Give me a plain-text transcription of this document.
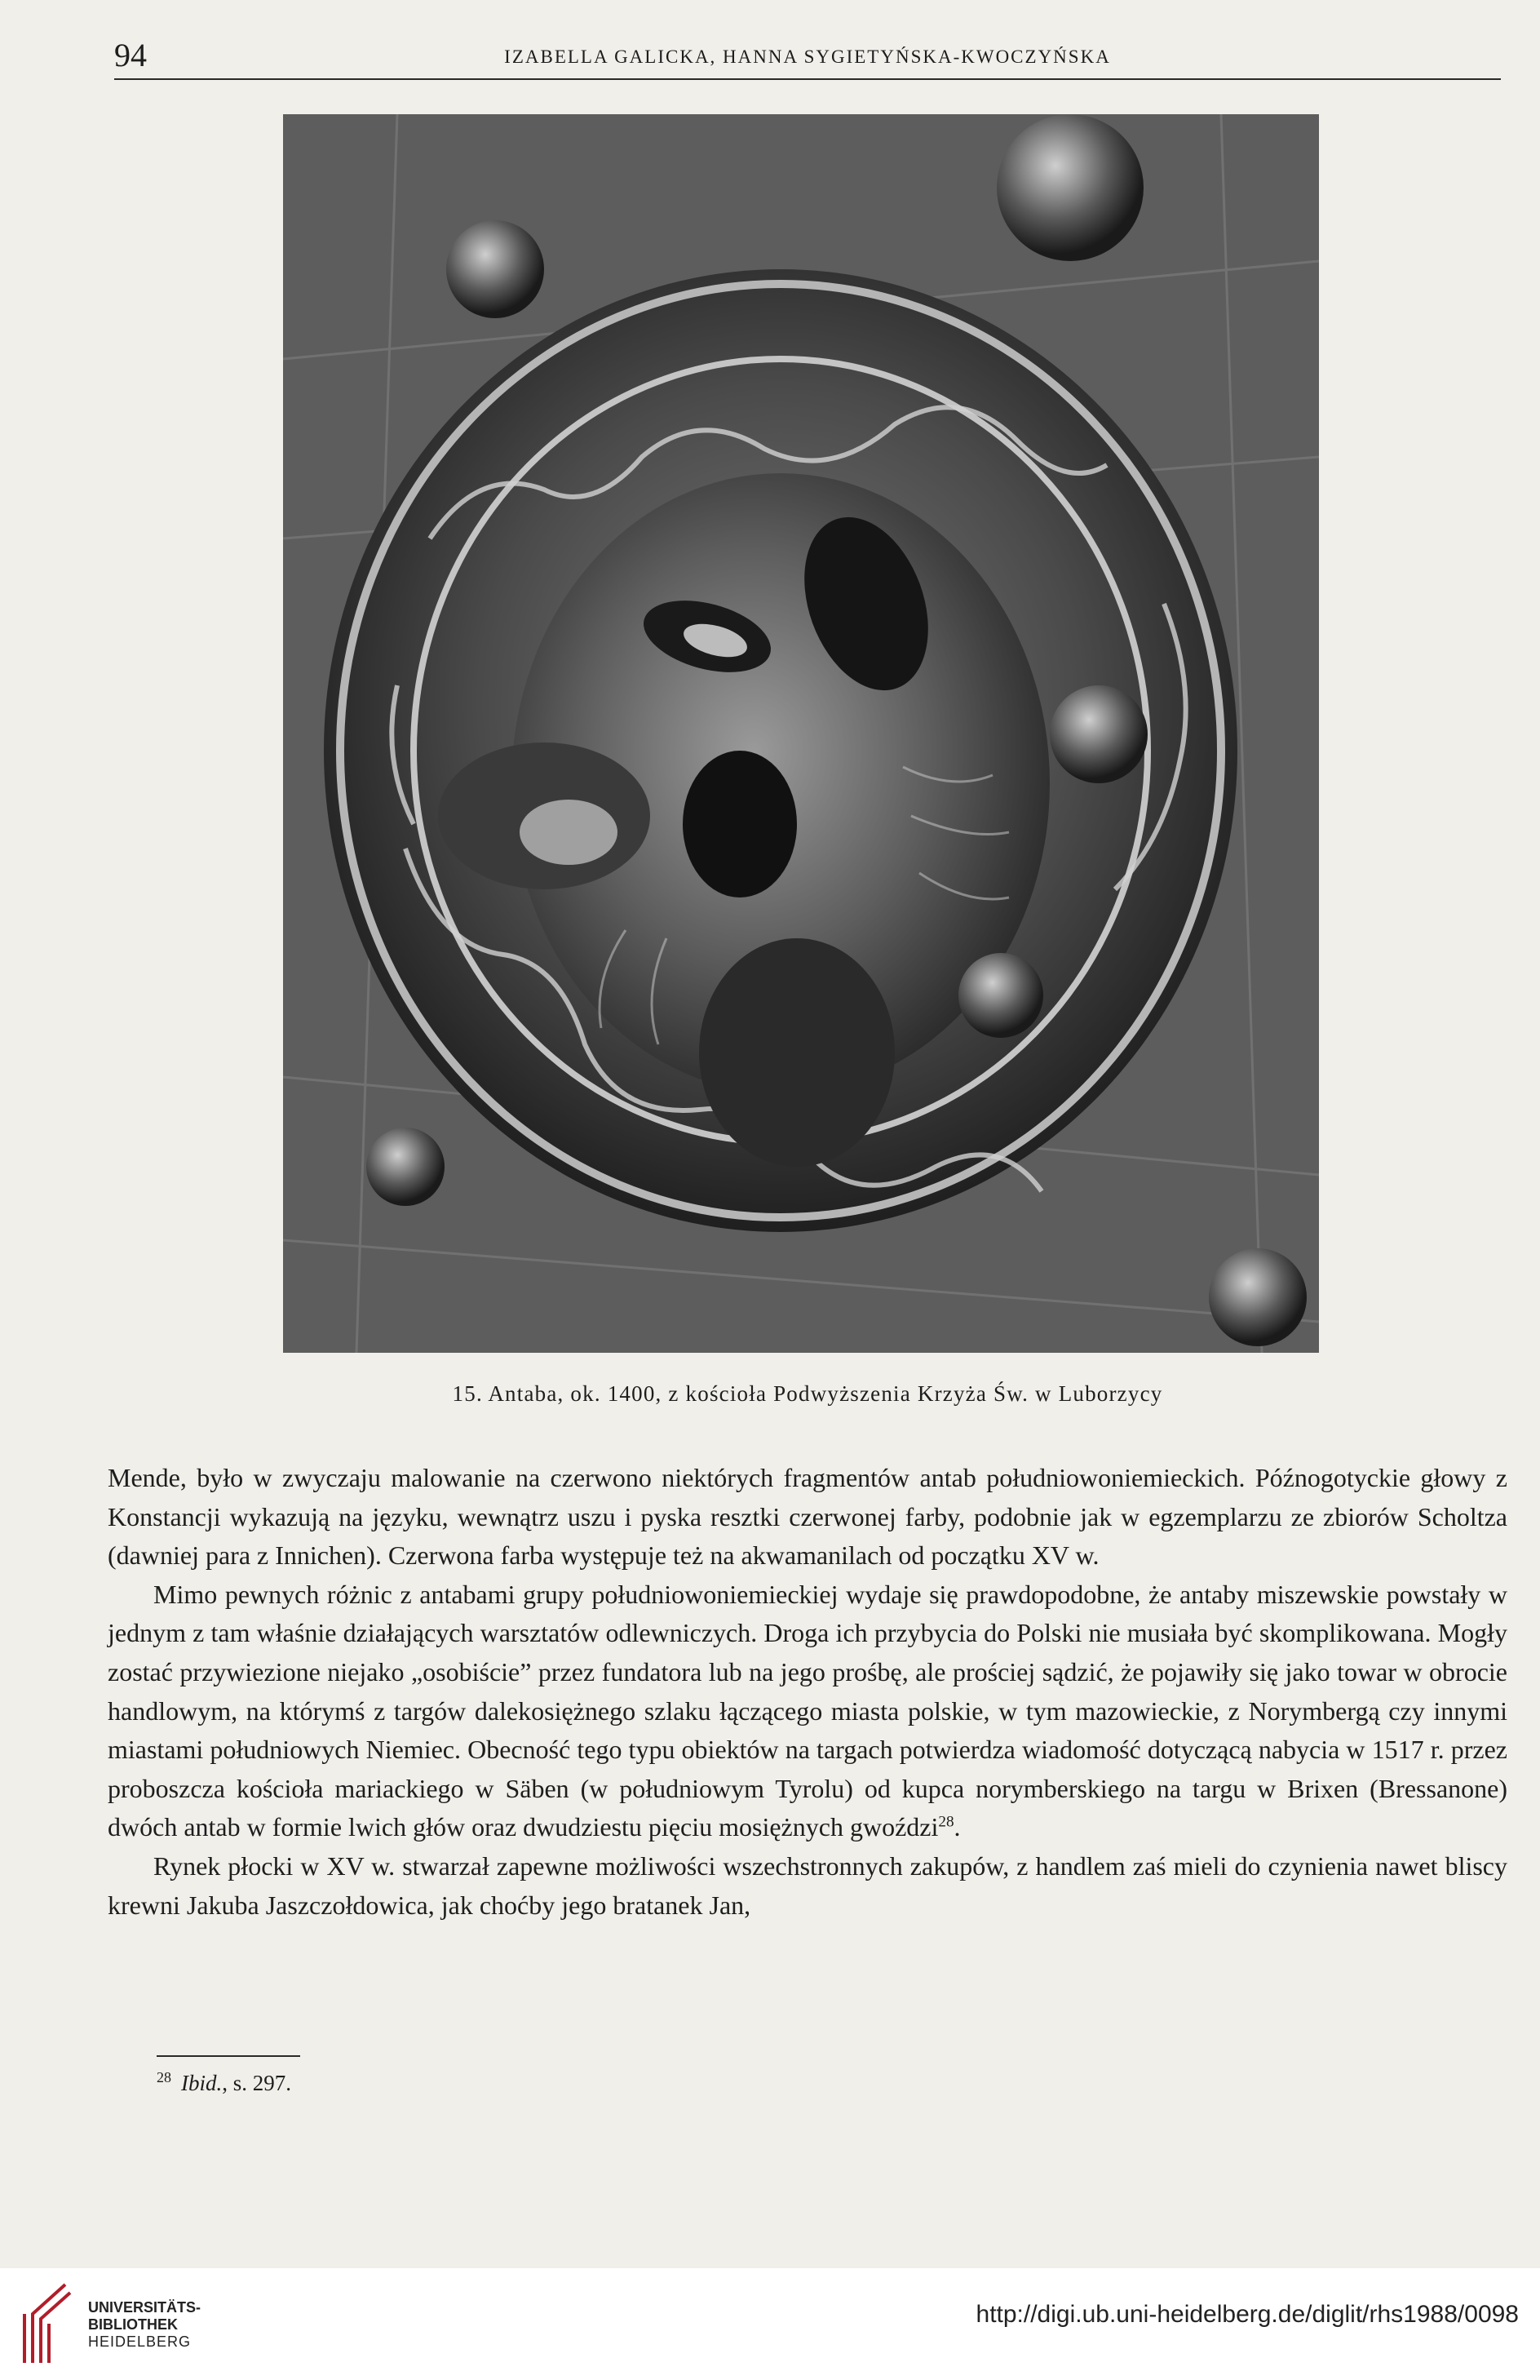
94	IZABELLA GALICKA, HANNA SYGIETYŃSKA-KWOCZYŃSKA
15. Antaba, ok. 1400, z kościoła Podwyższenia Krzyża Św. w Luborzycy

Mende, było w zwyczaju malowanie na czerwono niektórych fragmentów antab południowoniemieckich. Późnogotyckie głowy z Konstancji wykazują na języku, wewnątrz uszu i pyska resztki czerwonej farby, podobnie jak w egzemplarzu ze zbiorów Scholtza (dawniej para z Innichen). Czerwona farba występuje też na akwamanilach od początku XV w.

Mimo pewnych różnic z antabami grupy południowoniemieckiej wydaje się prawdopodobne, że antaby miszewskie powstały w jednym z tam właśnie działających warsztatów odlewniczych. Droga ich przybycia do Polski nie musiała być skomplikowana. Mogły zostać przywiezione niejako „osobiście” przez fundatora lub na jego prośbę, ale prościej sądzić, że pojawiły się jako towar w obrocie handlowym, na którymś z targów dalekosiężnego szlaku łączącego miasta polskie, w tym mazowieckie, z Norymbergą czy innymi miastami południowych Niemiec. Obecność tego typu obiektów na targach potwierdza wiadomość dotyczącą nabycia w 1517 r. przez proboszcza kościoła mariackiego w Säben (w południowym Tyrolu) od kupca norymberskiego na targu w Brixen (Bressanone) dwóch antab w formie lwich głów oraz dwudziestu pięciu mosiężnych gwoździ$^{28}$.

Rynek płocki w XV w. stwarzał zapewne możliwości wszechstronnych zakupów, z handlem zaś mieli do czynienia nawet bliscy krewni Jakuba Jaszczołdowica, jak choćby jego bratanek Jan,

$^{28}$ Ibid., s. 297.
UNIVERSITÄTS-
BIBLIOTHEK
HEIDELBERG
http://digi.ub.uni-heidelberg.de/diglit/rhs1988/0098
